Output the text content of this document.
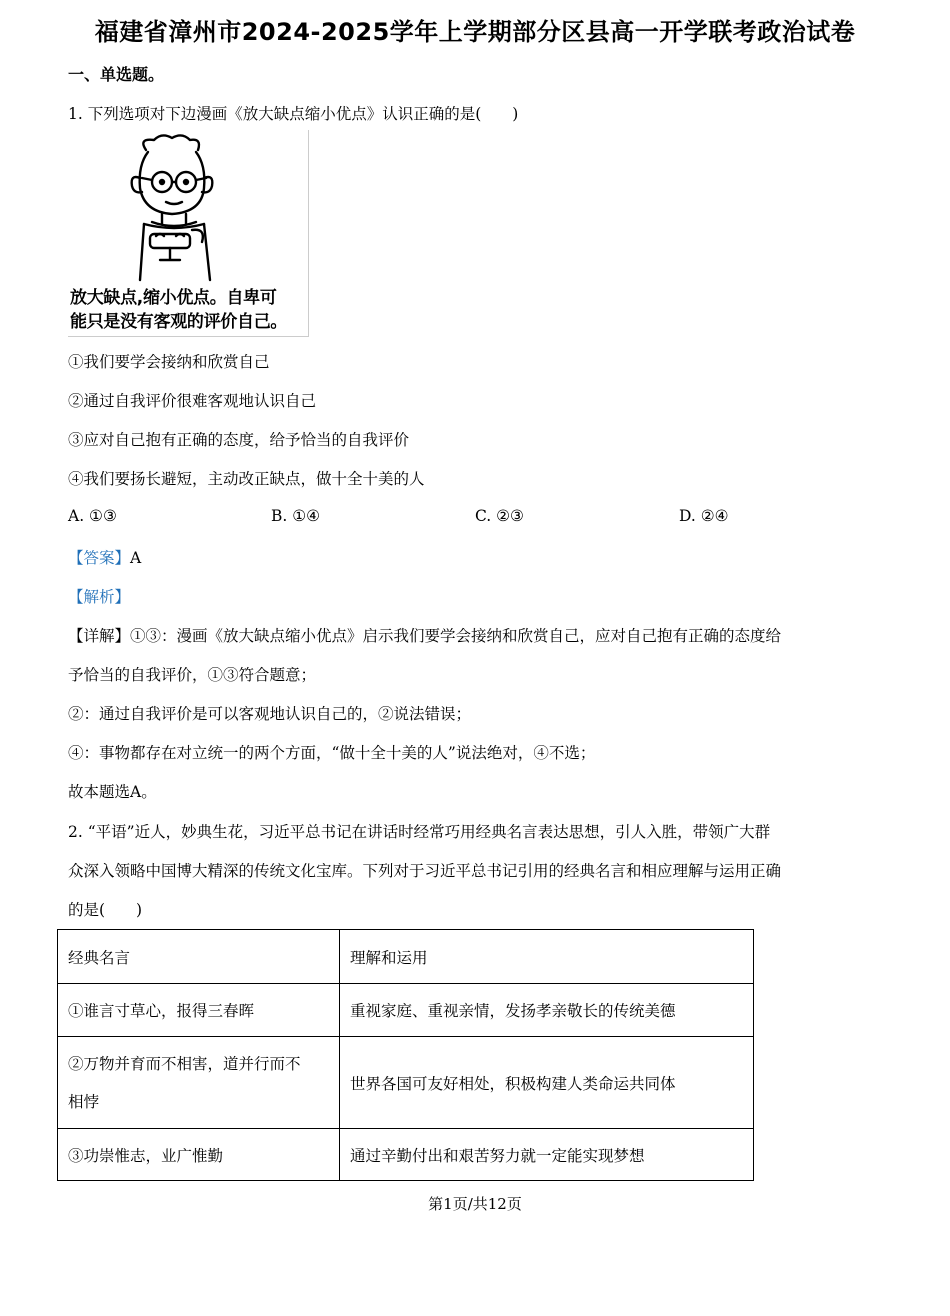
福建省漳州市2024-2025学年上学期部分区县高一开学联考政治试卷
一、单选题。
1. 下列选项对下边漫画《放大缺点缩小优点》认识正确的是(　　)
放大缺点,缩小优点。自卑可
能只是没有客观的评价自己。
①我们要学会接纳和欣赏自己
②通过自我评价很难客观地认识自己
③应对自己抱有正确的态度，给予恰当的自我评价
④我们要扬长避短，主动改正缺点，做十全十美的人
A. ①③	B. ①④	C. ②③	D. ②④
【答案】A
【解析】
【详解】①③：漫画《放大缺点缩小优点》启示我们要学会接纳和欣赏自己，应对自己抱有正确的态度给
予恰当的自我评价，①③符合题意；
②：通过自我评价是可以客观地认识自己的，②说法错误；
④：事物都存在对立统一的两个方面，“做十全十美的人”说法绝对，④不选；
故本题选A。
2. “平语”近人，妙典生花，习近平总书记在讲话时经常巧用经典名言表达思想，引人入胜，带领广大群
众深入领略中国博大精深的传统文化宝库。下列对于习近平总书记引用的经典名言和相应理解与运用正确
的是(　　)
经典名言	理解和运用
①谁言寸草心，报得三春晖	重视家庭、重视亲情，发扬孝亲敬长的传统美德

②万物并育而不相害，道并行而不
相悖	世界各国可友好相处，积极构建人类命运共同体
③功崇惟志，业广惟勤	通过辛勤付出和艰苦努力就一定能实现梦想
第1页/共12页
